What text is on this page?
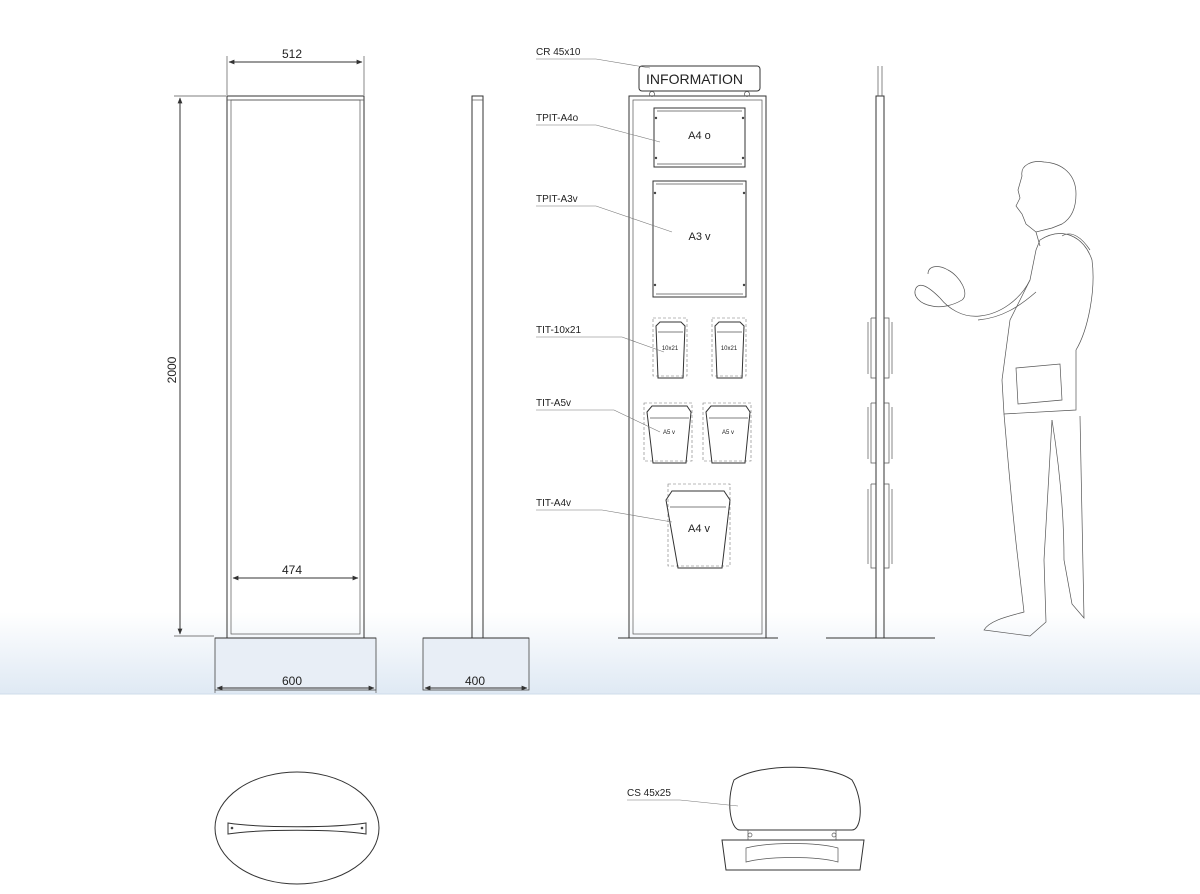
512
2000
474
600	400
INFORMATION
A4 o
A3 v
10x21	10x21
A5 v	A5 v
A4 v
CR 45x10
TPIT-A4o
TPIT-A3v
TIT-10x21
TIT-A5v
TIT-A4v
CS 45x25
